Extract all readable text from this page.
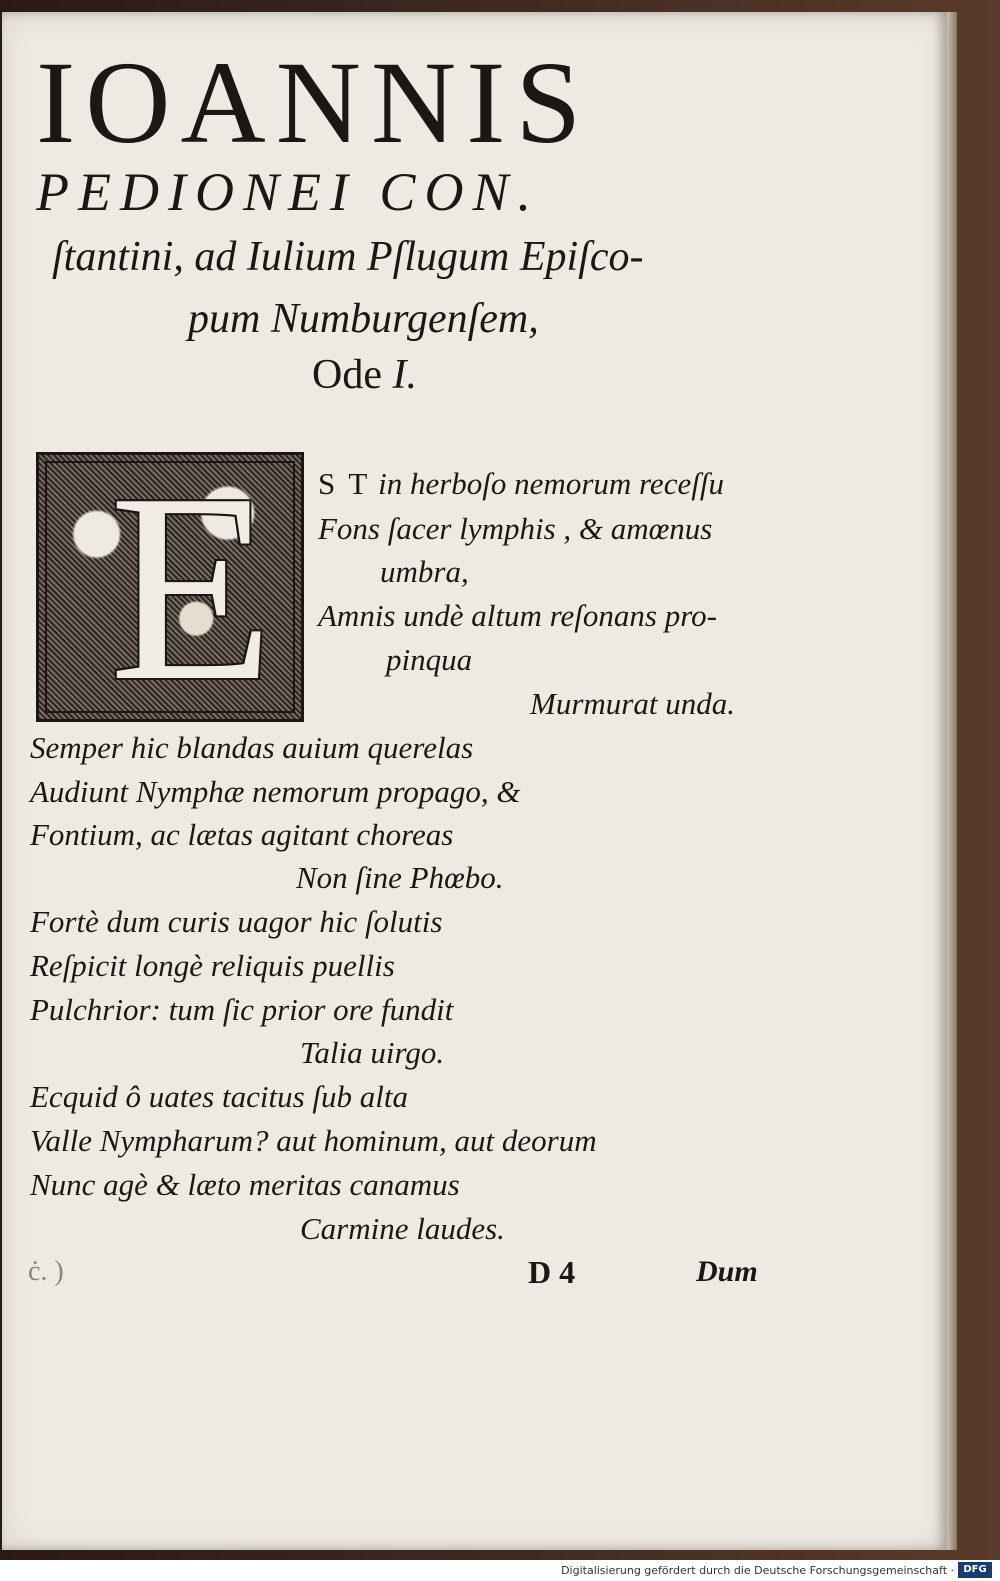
IOANNIS
PEDIONEI CON.
ſtantini, ad Iulium Pſlugum Epiſco-
pum Numburgenſem,
Ode I.
E	S T in herboſo nemorum receſſu
Fons ſacer lymphis , & amœnus
umbra,
Amnis undè altum reſonans pro-
pinqua
Murmurat unda.
Semper hic blandas auium querelas
Audiunt Nymphæ nemorum propago, &
Fontium, ac lætas agitant choreas
Non ſine Phœbo.
Fortè dum curis uagor hic ſolutis
Reſpicit longè reliquis puellis
Pulchrior: tum ſic prior ore fundit
Talia uirgo.
Ecquid ô uates tacitus ſub alta
Valle Nympharum? aut hominum, aut deorum
Nunc agè & læto meritas canamus
Carmine laudes.
ċ. )	D 4	Dum
Digitalisierung gefördert durch die Deutsche Forschungsgemeinschaft · DFG
